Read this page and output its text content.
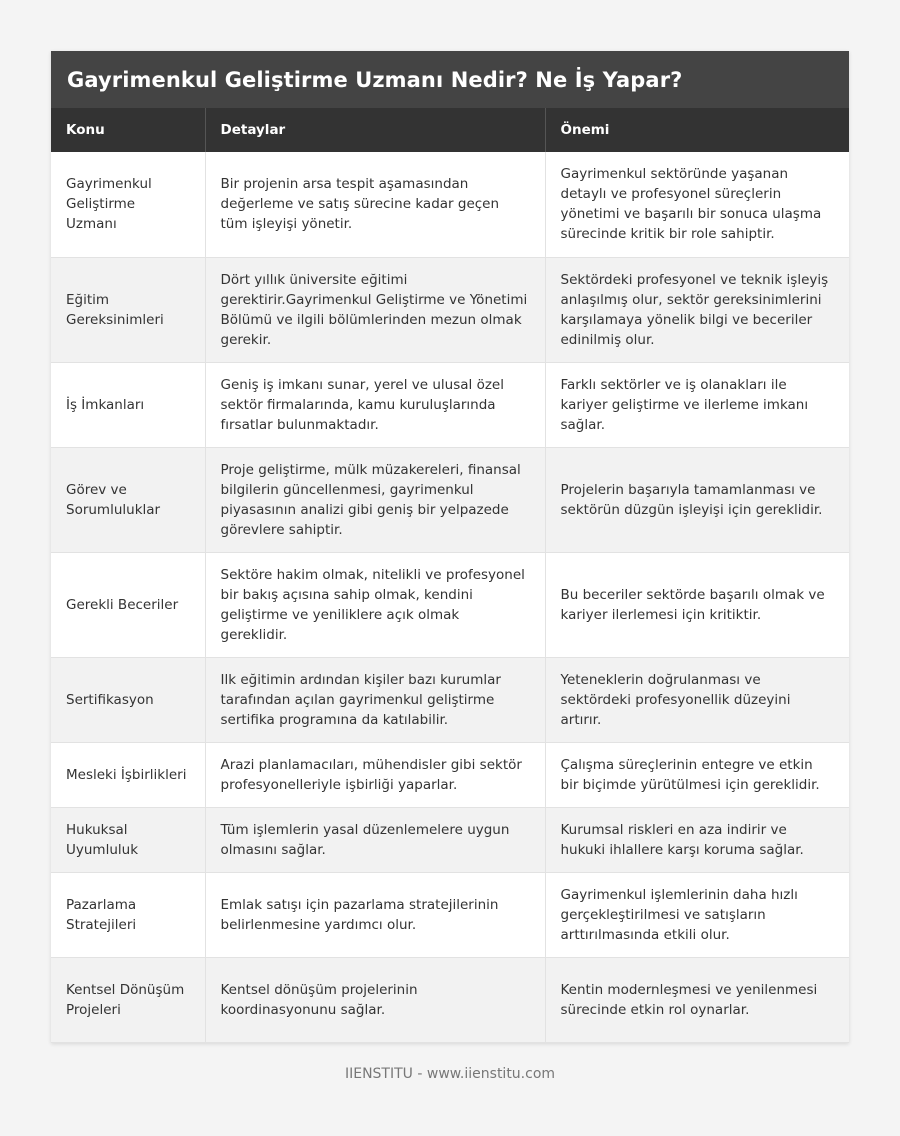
Gayrimenkul Geliştirme Uzmanı Nedir? Ne İş Yapar?
Konu	Detaylar	Önemi
Gayrimenkul Geliştirme Uzmanı	Bir projenin arsa tespit aşamasından değerleme ve satış sürecine kadar geçen tüm işleyişi yönetir.	Gayrimenkul sektöründe yaşanan detaylı ve profesyonel süreçlerin yönetimi ve başarılı bir sonuca ulaşma sürecinde kritik bir role sahiptir.
Eğitim Gereksinimleri	Dört yıllık üniversite eğitimi gerektirir.Gayrimenkul Geliştirme ve Yönetimi Bölümü ve ilgili bölümlerinden mezun olmak gerekir.	Sektördeki profesyonel ve teknik işleyiş anlaşılmış olur, sektör gereksinimlerini karşılamaya yönelik bilgi ve beceriler edinilmiş olur.
İş İmkanları	Geniş iş imkanı sunar, yerel ve ulusal özel sektör firmalarında, kamu kuruluşlarında fırsatlar bulunmaktadır.	Farklı sektörler ve iş olanakları ile kariyer geliştirme ve ilerleme imkanı sağlar.
Görev ve Sorumluluklar	Proje geliştirme, mülk müzakereleri, finansal bilgilerin güncellenmesi, gayrimenkul piyasasının analizi gibi geniş bir yelpazede görevlere sahiptir.	Projelerin başarıyla tamamlanması ve sektörün düzgün işleyişi için gereklidir.
Gerekli Beceriler	Sektöre hakim olmak, nitelikli ve profesyonel bir bakış açısına sahip olmak, kendini geliştirme ve yeniliklere açık olmak gereklidir.	Bu beceriler sektörde başarılı olmak ve kariyer ilerlemesi için kritiktir.
Sertifikasyon	Ilk eğitimin ardından kişiler bazı kurumlar tarafından açılan gayrimenkul geliştirme sertifika programına da katılabilir.	Yeteneklerin doğrulanması ve sektördeki profesyonellik düzeyini artırır.
Mesleki İşbirlikleri	Arazi planlamacıları, mühendisler gibi sektör profesyonelleriyle işbirliği yaparlar.	Çalışma süreçlerinin entegre ve etkin bir biçimde yürütülmesi için gereklidir.
Hukuksal Uyumluluk	Tüm işlemlerin yasal düzenlemelere uygun olmasını sağlar.	Kurumsal riskleri en aza indirir ve hukuki ihlallere karşı koruma sağlar.
Pazarlama Stratejileri	Emlak satışı için pazarlama stratejilerinin belirlenmesine yardımcı olur.	Gayrimenkul işlemlerinin daha hızlı gerçekleştirilmesi ve satışların arttırılmasında etkili olur.
Kentsel Dönüşüm Projeleri	Kentsel dönüşüm projelerinin koordinasyonunu sağlar.	Kentin modernleşmesi ve yenilenmesi sürecinde etkin rol oynarlar.
IIENSTITU - www.iienstitu.com
